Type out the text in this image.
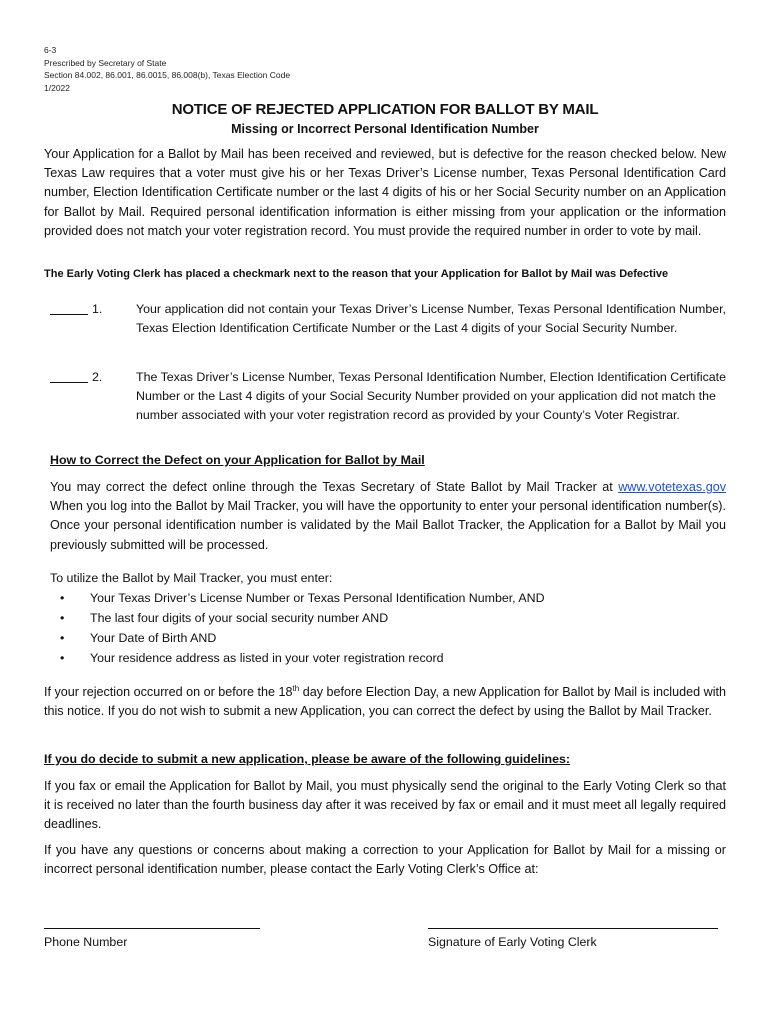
6-3
Prescribed by Secretary of State
Section 84.002, 86.001, 86.0015, 86.008(b), Texas Election Code
1/2022
NOTICE OF REJECTED APPLICATION FOR BALLOT BY MAIL
Missing or Incorrect Personal Identification Number
Your Application for a Ballot by Mail has been received and reviewed, but is defective for the reason checked below. New Texas Law requires that a voter must give his or her Texas Driver’s License number, Texas Personal Identification Card number, Election Identification Certificate number or the last 4 digits of his or her Social Security number on an Application for Ballot by Mail. Required personal identification information is either missing from your application or the information provided does not match your voter registration record. You must provide the required number in order to vote by mail.
The Early Voting Clerk has placed a checkmark next to the reason that your Application for Ballot by Mail was Defective
1.	Your application did not contain your Texas Driver’s License Number, Texas Personal Identification Number, Texas Election Identification Certificate Number or the Last 4 digits of your Social Security Number.
2.	The Texas Driver’s License Number, Texas Personal Identification Number, Election Identification Certificate Number or the Last 4 digits of your Social Security Number provided on your application did not match the number associated with your voter registration record as provided by your County’s Voter Registrar.
How to Correct the Defect on your Application for Ballot by Mail
You may correct the defect online through the Texas Secretary of State Ballot by Mail Tracker at www.votetexas.gov When you log into the Ballot by Mail Tracker, you will have the opportunity to enter your personal identification number(s). Once your personal identification number is validated by the Mail Ballot Tracker, the Application for a Ballot by Mail you previously submitted will be processed.
To utilize the Ballot by Mail Tracker, you must enter:
• Your Texas Driver’s License Number or Texas Personal Identification Number, AND
• The last four digits of your social security number AND
• Your Date of Birth AND
• Your residence address as listed in your voter registration record
If your rejection occurred on or before the 18th day before Election Day, a new Application for Ballot by Mail is included with this notice. If you do not wish to submit a new Application, you can correct the defect by using the Ballot by Mail Tracker.
If you do decide to submit a new application, please be aware of the following guidelines:
If you fax or email the Application for Ballot by Mail, you must physically send the original to the Early Voting Clerk so that it is received no later than the fourth business day after it was received by fax or email and it must meet all legally required deadlines.
If you have any questions or concerns about making a correction to your Application for Ballot by Mail for a missing or incorrect personal identification number, please contact the Early Voting Clerk’s Office at:
Phone Number	Signature of Early Voting Clerk
